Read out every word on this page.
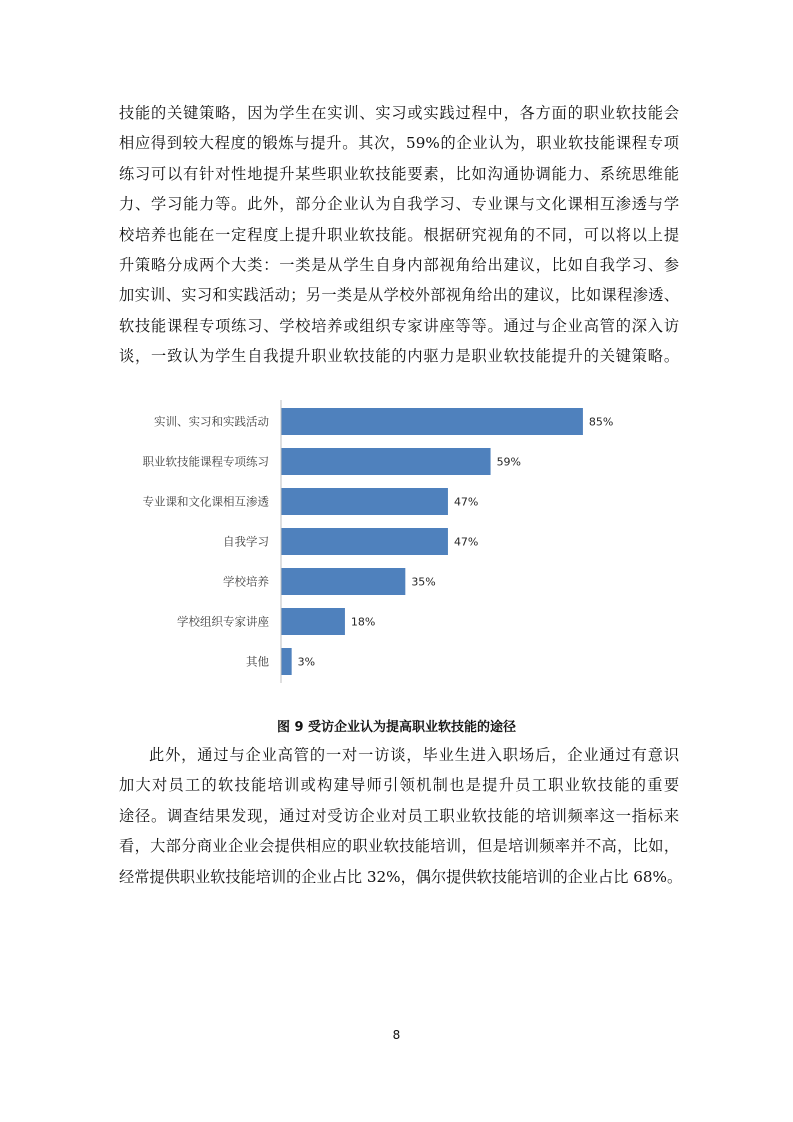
技能的关键策略，因为学生在实训、实习或实践过程中，各方面的职业软技能会
相应得到较大程度的锻炼与提升。其次，59%的企业认为，职业软技能课程专项
练习可以有针对性地提升某些职业软技能要素，比如沟通协调能力、系统思维能
力、学习能力等。此外，部分企业认为自我学习、专业课与文化课相互渗透与学
校培养也能在一定程度上提升职业软技能。根据研究视角的不同，可以将以上提
升策略分成两个大类：一类是从学生自身内部视角给出建议，比如自我学习、参
加实训、实习和实践活动；另一类是从学校外部视角给出的建议，比如课程渗透、
软技能课程专项练习、学校培养或组织专家讲座等等。通过与企业高管的深入访
谈，一致认为学生自我提升职业软技能的内驱力是职业软技能提升的关键策略。
实训、实习和实践活动	85%
职业软技能课程专项练习	59%
专业课和文化课相互渗透	47%
自我学习	47%
学校培养	35%
学校组织专家讲座	18%
其他	3%
图 9 受访企业认为提高职业软技能的途径
此外，通过与企业高管的一对一访谈，毕业生进入职场后，企业通过有意识
加大对员工的软技能培训或构建导师引领机制也是提升员工职业软技能的重要
途径。调查结果发现，通过对受访企业对员工职业软技能的培训频率这一指标来
看，大部分商业企业会提供相应的职业软技能培训，但是培训频率并不高，比如，
经常提供职业软技能培训的企业占比 32%，偶尔提供软技能培训的企业占比 68%。
8
